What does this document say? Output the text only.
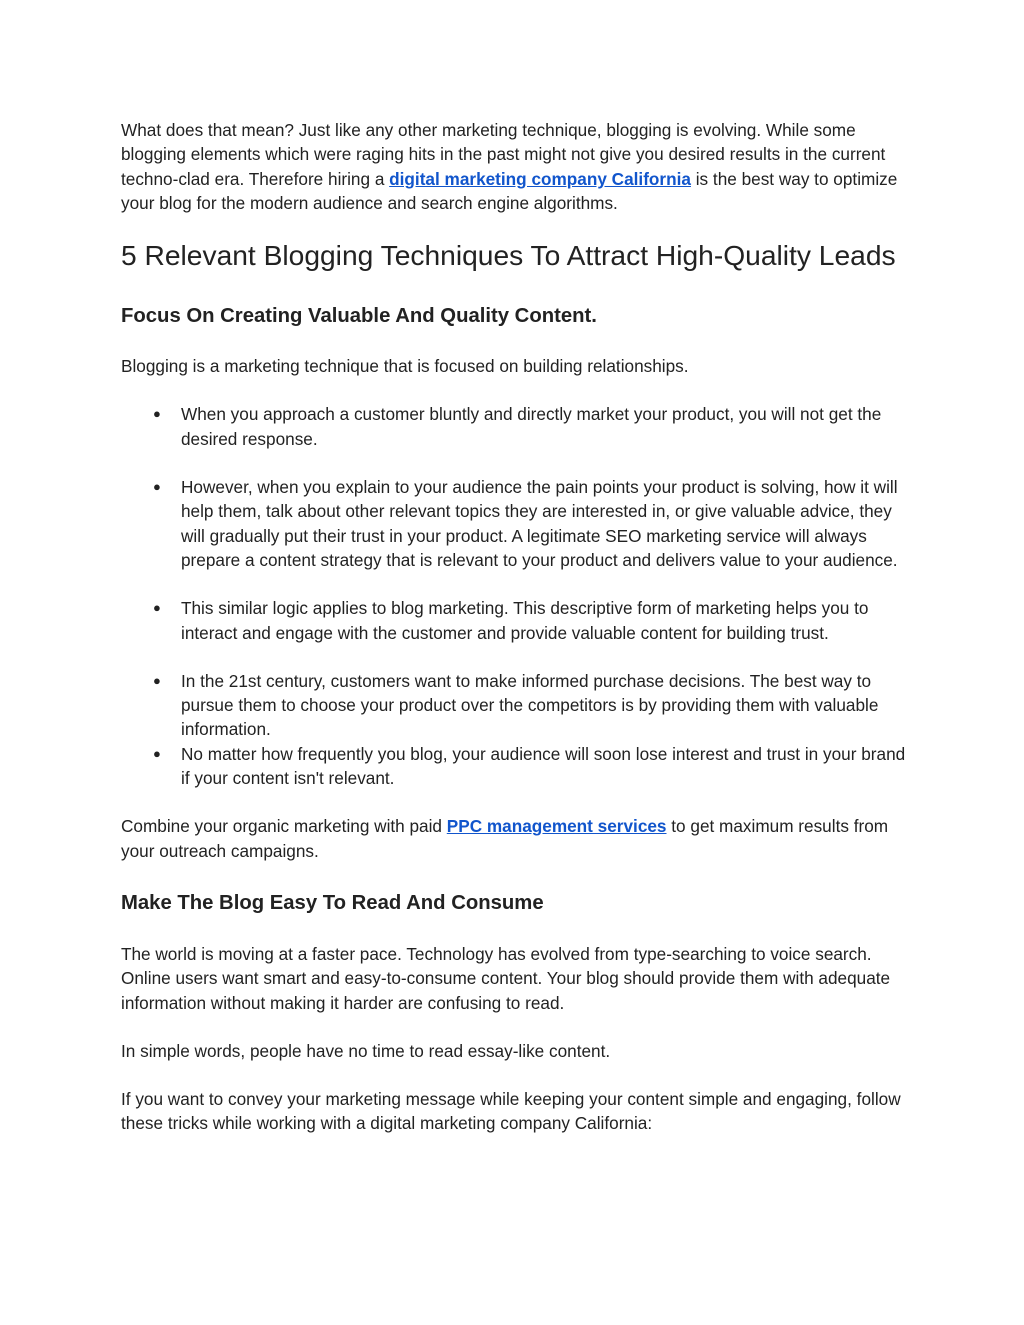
What does that mean? Just like any other marketing technique, blogging is evolving. While some blogging elements which were raging hits in the past might not give you desired results in the current techno-clad era. Therefore hiring a digital marketing company California is the best way to optimize your blog for the modern audience and search engine algorithms.

5 Relevant Blogging Techniques To Attract High-Quality Leads
Focus On Creating Valuable And Quality Content.

Blogging is a marketing technique that is focused on building relationships.

● When you approach a customer bluntly and directly market your product, you will not get the desired response.
● However, when you explain to your audience the pain points your product is solving, how it will help them, talk about other relevant topics they are interested in, or give valuable advice, they will gradually put their trust in your product. A legitimate SEO marketing service will always prepare a content strategy that is relevant to your product and delivers value to your audience.
● This similar logic applies to blog marketing. This descriptive form of marketing helps you to interact and engage with the customer and provide valuable content for building trust.
● In the 21st century, customers want to make informed purchase decisions. The best way to pursue them to choose your product over the competitors is by providing them with valuable information.
● No matter how frequently you blog, your audience will soon lose interest and trust in your brand if your content isn't relevant.

Combine your organic marketing with paid PPC management services to get maximum results from your outreach campaigns.

Make The Blog Easy To Read And Consume

The world is moving at a faster pace. Technology has evolved from type-searching to voice search. Online users want smart and easy-to-consume content. Your blog should provide them with adequate information without making it harder are confusing to read.

In simple words, people have no time to read essay-like content.

If you want to convey your marketing message while keeping your content simple and engaging, follow these tricks while working with a digital marketing company California:
